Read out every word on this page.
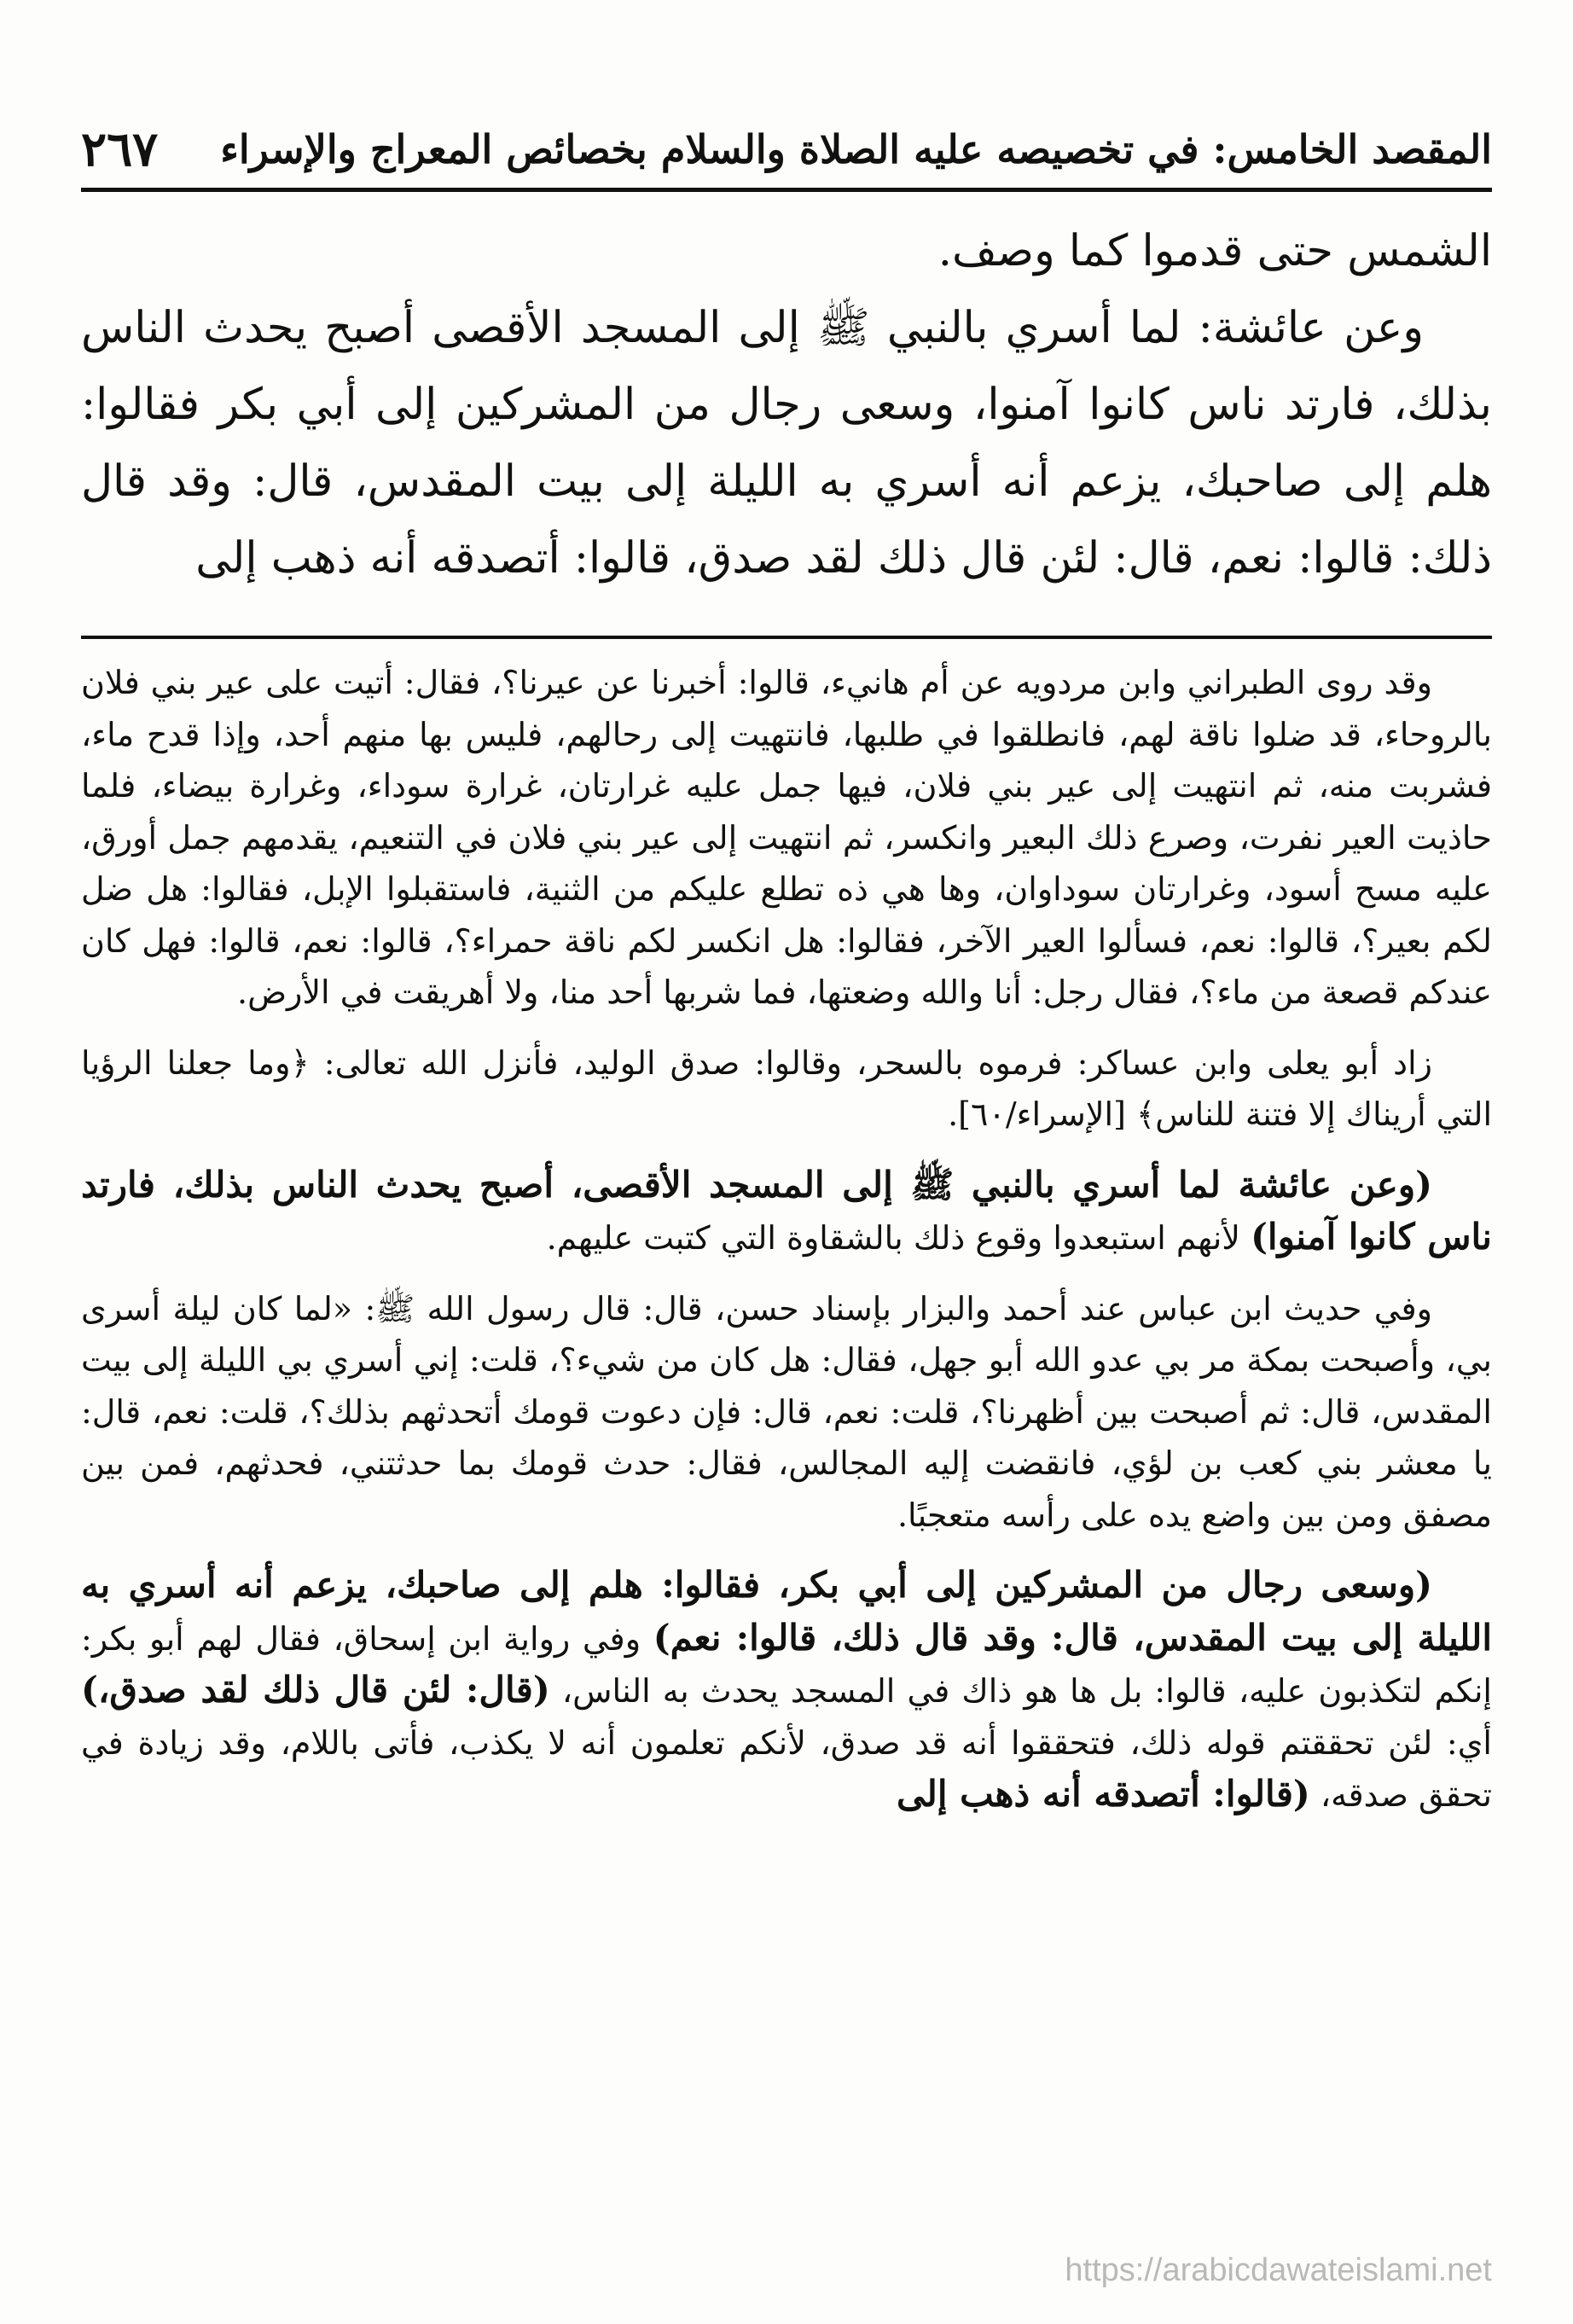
المقصد الخامس: في تخصيصه عليه الصلاة والسلام بخصائص المعراج والإسراء
٢٦٧

الشمس حتى قدموا كما وصف.

وعن عائشة: لما أسري بالنبي ﷺ إلى المسجد الأقصى أصبح يحدث الناس بذلك، فارتد ناس كانوا آمنوا، وسعى رجال من المشركين إلى أبي بكر فقالوا: هلم إلى صاحبك، يزعم أنه أسري به الليلة إلى بيت المقدس، قال: وقد قال ذلك: قالوا: نعم، قال: لئن قال ذلك لقد صدق، قالوا: أتصدقه أنه ذهب إلى

وقد روى الطبراني وابن مردويه عن أم هانيء، قالوا: أخبرنا عن عيرنا؟، فقال: أتيت على عير بني فلان بالروحاء، قد ضلوا ناقة لهم، فانطلقوا في طلبها، فانتهيت إلى رحالهم، فليس بها منهم أحد، وإذا قدح ماء، فشربت منه، ثم انتهيت إلى عير بني فلان، فيها جمل عليه غرارتان، غرارة سوداء، وغرارة بيضاء، فلما حاذيت العير نفرت، وصرع ذلك البعير وانكسر، ثم انتهيت إلى عير بني فلان في التنعيم، يقدمهم جمل أورق، عليه مسح أسود، وغرارتان سوداوان، وها هي ذه تطلع عليكم من الثنية، فاستقبلوا الإبل، فقالوا: هل ضل لكم بعير؟، قالوا: نعم، فسألوا العير الآخر، فقالوا: هل انكسر لكم ناقة حمراء؟، قالوا: نعم، قالوا: فهل كان عندكم قصعة من ماء؟، فقال رجل: أنا والله وضعتها، فما شربها أحد منا، ولا أهريقت في الأرض.

زاد أبو يعلى وابن عساكر: فرموه بالسحر، وقالوا: صدق الوليد، فأنزل الله تعالى: ﴿وما جعلنا الرؤيا التي أريناك إلا فتنة للناس﴾ [الإسراء/٦٠].

(وعن عائشة لما أسري بالنبي ﷺ إلى المسجد الأقصى، أصبح يحدث الناس بذلك، فارتد ناس كانوا آمنوا) لأنهم استبعدوا وقوع ذلك بالشقاوة التي كتبت عليهم.

وفي حديث ابن عباس عند أحمد والبزار بإسناد حسن، قال: قال رسول الله ﷺ: «لما كان ليلة أسرى بي، وأصبحت بمكة مر بي عدو الله أبو جهل، فقال: هل كان من شيء؟، قلت: إني أسري بي الليلة إلى بيت المقدس، قال: ثم أصبحت بين أظهرنا؟، قلت: نعم، قال: فإن دعوت قومك أتحدثهم بذلك؟، قلت: نعم، قال: يا معشر بني كعب بن لؤي، فانقضت إليه المجالس، فقال: حدث قومك بما حدثتني، فحدثهم، فمن بين مصفق ومن بين واضع يده على رأسه متعجبًا.

(وسعى رجال من المشركين إلى أبي بكر، فقالوا: هلم إلى صاحبك، يزعم أنه أسري به الليلة إلى بيت المقدس، قال: وقد قال ذلك، قالوا: نعم) وفي رواية ابن إسحاق، فقال لهم أبو بكر: إنكم لتكذبون عليه، قالوا: بل ها هو ذاك في المسجد يحدث به الناس، (قال: لئن قال ذلك لقد صدق،) أي: لئن تحققتم قوله ذلك، فتحققوا أنه قد صدق، لأنكم تعلمون أنه لا يكذب، فأتى باللام، وقد زيادة في تحقق صدقه، (قالوا: أتصدقه أنه ذهب إلى

https://arabicdawateislami.net
